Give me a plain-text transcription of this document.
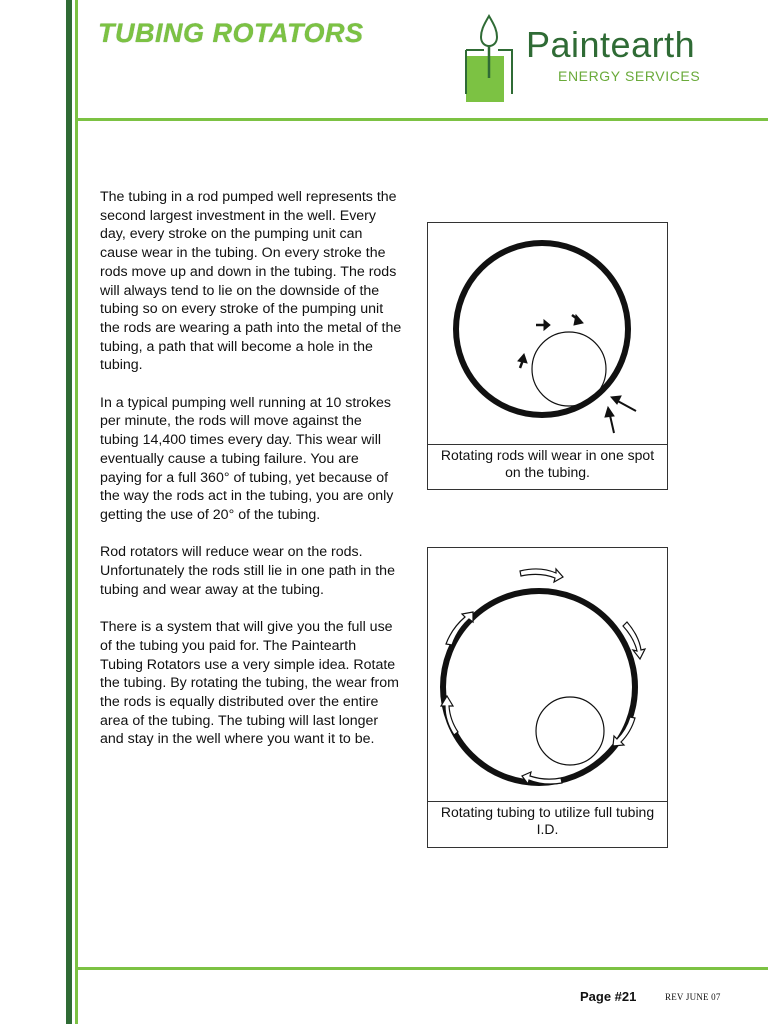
TUBING ROTATORS	Paintearth
ENERGY SERVICES

The tubing in a rod pumped well represents the second largest investment in the well. Every day, every stroke on the pumping unit can cause wear in the tubing. On every stroke the rods move up and down in the tubing. The rods will always tend to lie on the downside of the tubing so on every stroke of the pumping unit the rods are wearing a path into the metal of the tubing, a path that will become a hole in the tubing.

In a typical pumping well running at 10 strokes per minute, the rods will move against the tubing 14,400 times every day. This wear will eventually cause a tubing failure. You are paying for a full 360° of tubing, yet because of the way the rods act in the tubing, you are only getting the use of 20° of the tubing.

Rod rotators will reduce wear on the rods. Unfortunately the rods still lie in one path in the tubing and wear away at the tubing.

There is a system that will give you the full use of the tubing you paid for. The Paintearth Tubing Rotators use a very simple idea. Rotate the tubing. By rotating the tubing, the wear from the rods is equally distributed over the entire area of the tubing. The tubing will last longer and stay in the well where you want it to be.

Rotating rods will wear in one spot on the tubing.
Rotating tubing to utilize full tubing I.D.
Page #21	REV JUNE 07
